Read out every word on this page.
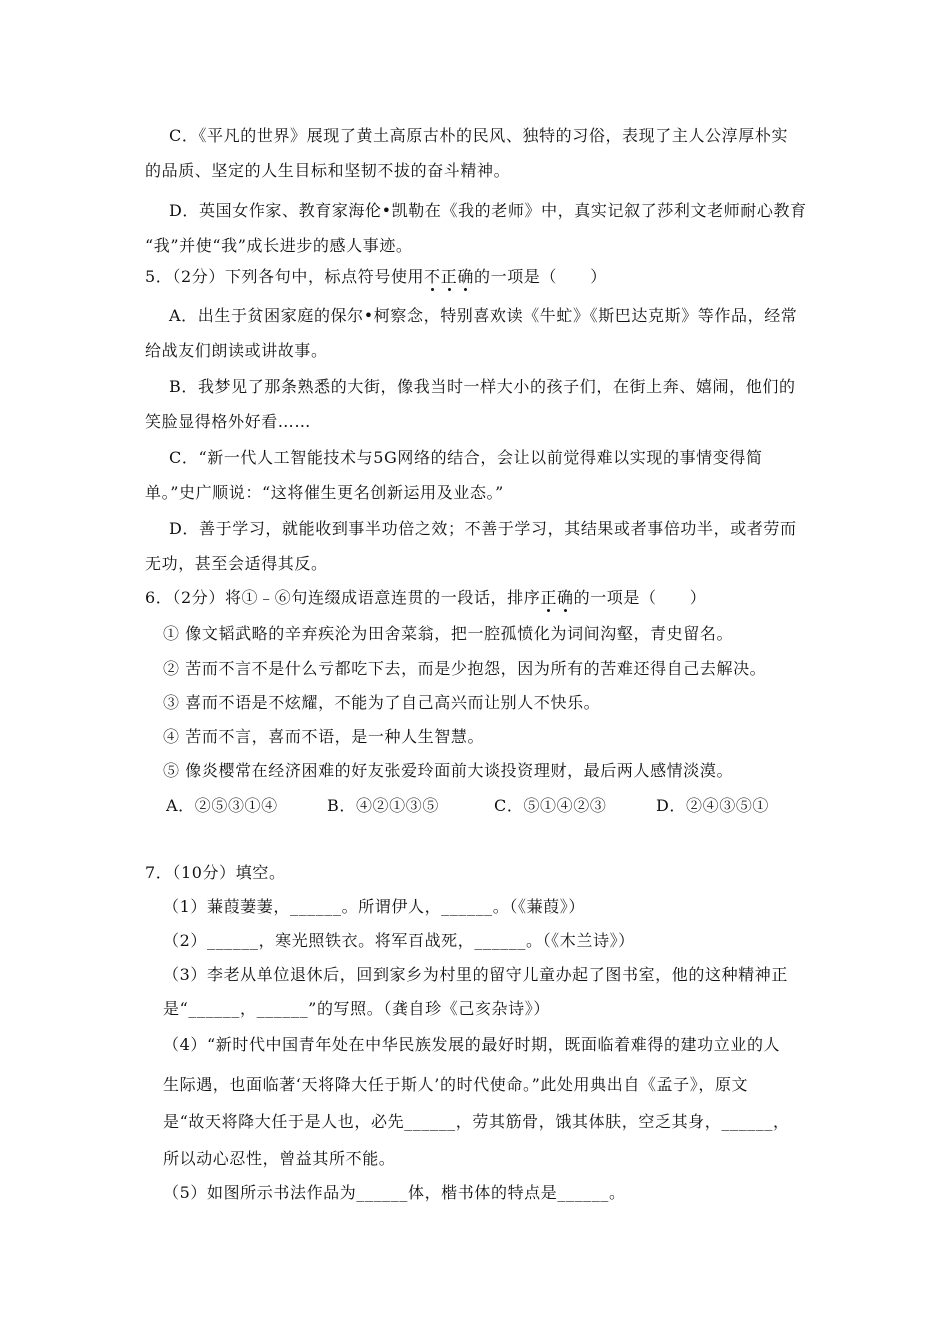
C．《平凡的世界》展现了黄土高原古朴的民风、独特的习俗，表现了主人公淳厚朴实
的品质、坚定的人生目标和坚韧不拔的奋斗精神。
D．英国女作家、教育家海伦•凯勒在《我的老师》中，真实记叙了莎利文老师耐心教育
“我”并使“我”成长进步的感人事迹。
5．（2分）下列各句中，标点符号使用不正确的一项是（　　）
A．出生于贫困家庭的保尔•柯察念，特别喜欢读《牛虻》《斯巴达克斯》等作品，经常
给战友们朗读或讲故事。
B．我梦见了那条熟悉的大街，像我当时一样大小的孩子们，在街上奔、嬉闹，他们的
笑脸显得格外好看……
C．“新一代人工智能技术与5G网络的结合，会让以前觉得难以实现的事情变得简
单。”史广顺说：“这将催生更名创新运用及业态。”
D．善于学习，就能收到事半功倍之效；不善于学习，其结果或者事倍功半，或者劳而
无功，甚至会适得其反。
6．（2分）将①﹣⑥句连缀成语意连贯的一段话，排序正确的一项是（　　）
① 像文韬武略的辛弃疾沦为田舍菜翁，把一腔孤愤化为词间沟壑，青史留名。
② 苦而不言不是什么亏都吃下去，而是少抱怨，因为所有的苦难还得自己去解决。
③ 喜而不语是不炫耀，不能为了自己高兴而让别人不快乐。
④ 苦而不言，喜而不语，是一种人生智慧。
⑤ 像炎樱常在经济困难的好友张爱玲面前大谈投资理财，最后两人感情淡漠。
A．②⑤③①④	B．④②①③⑤	C．⑤①④②③	D．②④③⑤①
7．（10分）填空。
（1）蒹葭萋萋，______。所谓伊人，______。（《蒹葭》）
（2）______，寒光照铁衣。将军百战死，______。（《木兰诗》）
（3）李老从单位退休后，回到家乡为村里的留守儿童办起了图书室，他的这种精神正
是“______，______”的写照。（龚自珍《己亥杂诗》）
（4）“新时代中国青年处在中华民族发展的最好时期，既面临着难得的建功立业的人
生际遇，也面临著‘天将降大任于斯人’的时代使命。”此处用典出自《孟子》，原文
是“故天将降大任于是人也，必先______，劳其筋骨，饿其体肤，空乏其身，______，
所以动心忍性，曾益其所不能。
（5）如图所示书法作品为______体，楷书体的特点是______。
